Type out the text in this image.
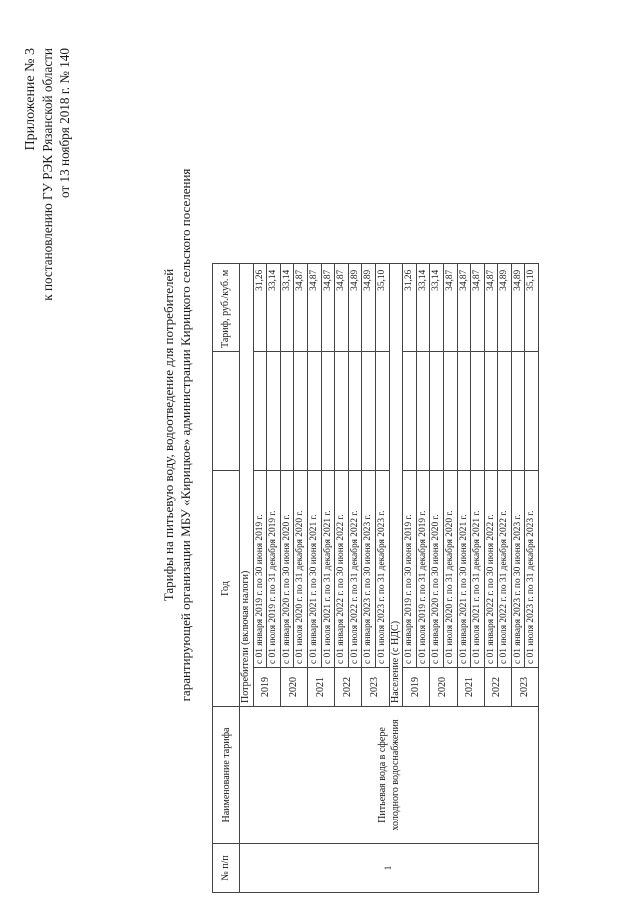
Приложение № 3 к постановлению ГУ РЭК Рязанской области от 13 ноября 2018 г. № 140
Тарифы на питьевую воду, водоотведение для потребителей гарантирующей организации МБУ «Кирицкое» администрации Кирицкого сельского поселения
№ п/п	Наименование тарифа	Год			Тариф, руб./куб. м
1	Питьевая вода в сфере холодного водоснабжения	Потребители (включая налоги)			
		2019	с 01 января 2019 г. по 30 июня 2019 г.		31,26
			с 01 июля 2019 г. по 31 декабря 2019 г.		33,14
		2020	с 01 января 2020 г. по 30 июня 2020 г.		33,14
			с 01 июля 2020 г. по 31 декабря 2020 г.		34,87
		2021	с 01 января 2021 г. по 30 июня 2021 г.		34,87
			с 01 июля 2021 г. по 31 декабря 2021 г.		34,87
		2022	с 01 января 2022 г. по 30 июня 2022 г.		34,87
			с 01 июля 2022 г. по 31 декабря 2022 г.		34,89
		2023	с 01 января 2023 г. по 30 июня 2023 г.		34,89
			с 01 июля 2023 г. по 31 декабря 2023 г.		35,10
		Население (с НДС)			
		2019	с 01 января 2019 г. по 30 июня 2019 г.		31,26
			с 01 июля 2019 г. по 31 декабря 2019 г.		33,14
		2020	с 01 января 2020 г. по 30 июня 2020 г.		33,14
			с 01 июля 2020 г. по 31 декабря 2020 г.		34,87
		2021	с 01 января 2021 г. по 30 июня 2021 г.		34,87
			с 01 июля 2021 г. по 31 декабря 2021 г.		34,87
		2022	с 01 января 2022 г. по 30 июня 2022 г.		34,87
			с 01 июля 2022 г. по 31 декабря 2022 г.		34,89
		2023	с 01 января 2023 г. по 30 июня 2023 г.		34,89
			с 01 июля 2023 г. по 31 декабря 2023 г.		35,10
